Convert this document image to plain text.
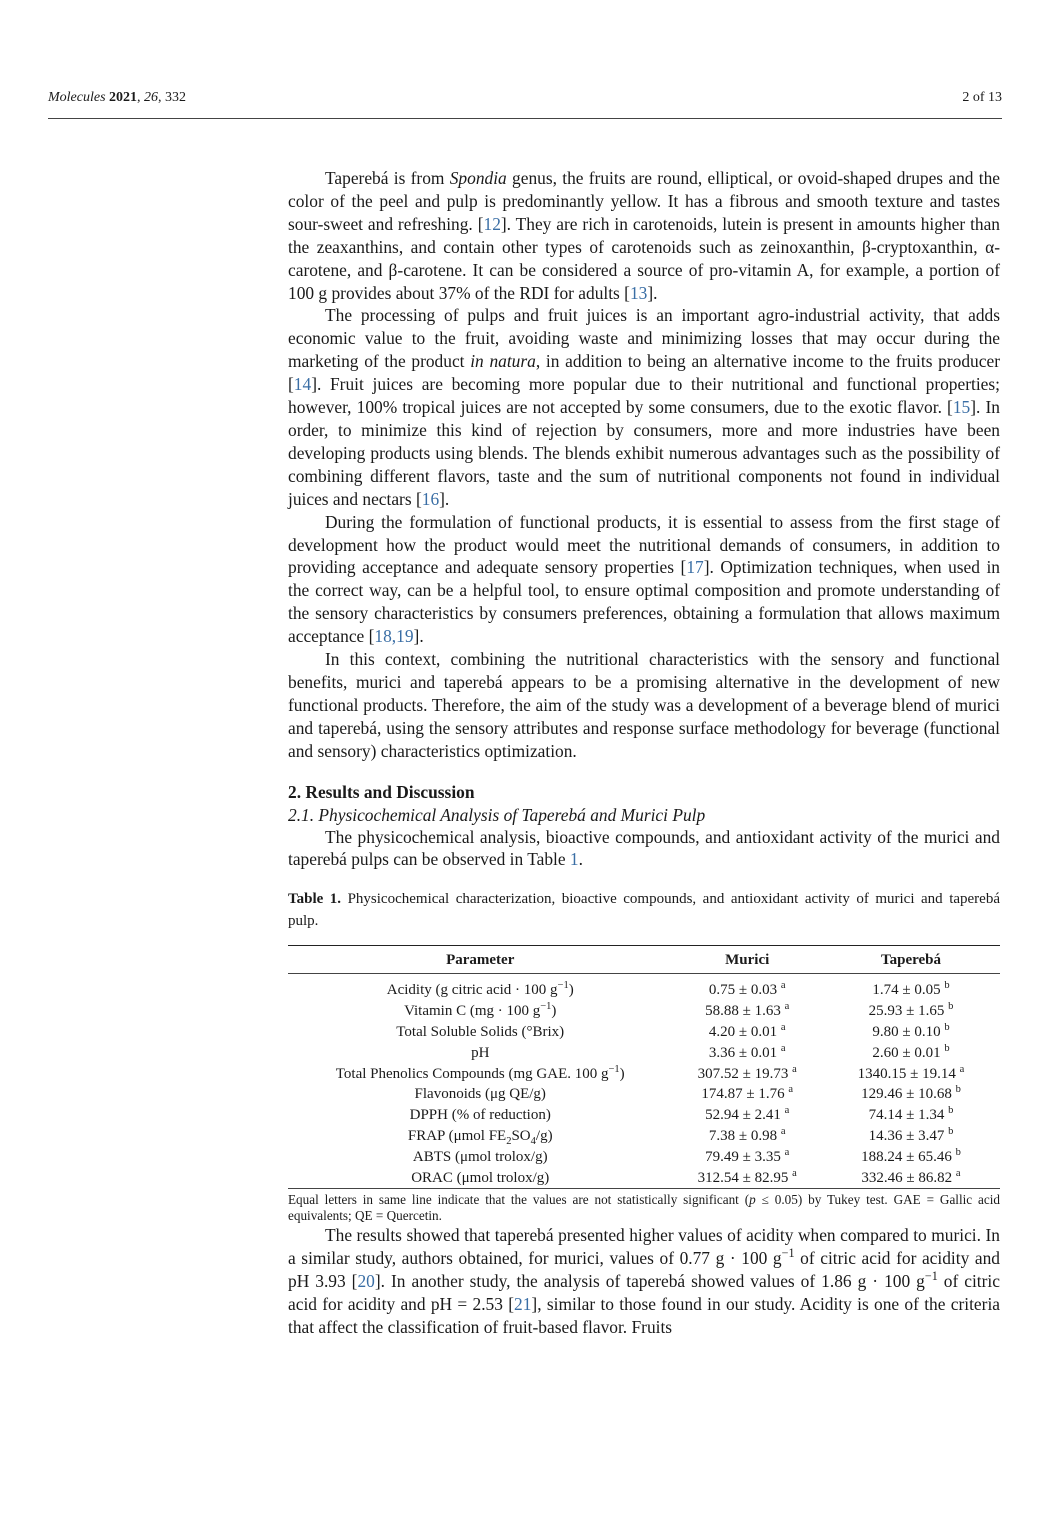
Molecules 2021, 26, 332	2 of 13

Taperebá is from Spondia genus, the fruits are round, elliptical, or ovoid-shaped drupes and the color of the peel and pulp is predominantly yellow. It has a fibrous and smooth texture and tastes sour-sweet and refreshing. [12]. They are rich in carotenoids, lutein is present in amounts higher than the zeaxanthins, and contain other types of carotenoids such as zeinoxanthin, β-cryptoxanthin, α-carotene, and β-carotene. It can be considered a source of pro-vitamin A, for example, a portion of 100 g provides about 37% of the RDI for adults [13].

The processing of pulps and fruit juices is an important agro-industrial activity, that adds economic value to the fruit, avoiding waste and minimizing losses that may occur during the marketing of the product in natura, in addition to being an alternative income to the fruits producer [14]. Fruit juices are becoming more popular due to their nutritional and functional properties; however, 100% tropical juices are not accepted by some consumers, due to the exotic flavor. [15]. In order, to minimize this kind of rejection by consumers, more and more industries have been developing products using blends. The blends exhibit numerous advantages such as the possibility of combining different flavors, taste and the sum of nutritional components not found in individual juices and nectars [16].

During the formulation of functional products, it is essential to assess from the first stage of development how the product would meet the nutritional demands of consumers, in addition to providing acceptance and adequate sensory properties [17]. Optimization techniques, when used in the correct way, can be a helpful tool, to ensure optimal composition and promote understanding of the sensory characteristics by consumers preferences, obtaining a formulation that allows maximum acceptance [18,19].

In this context, combining the nutritional characteristics with the sensory and functional benefits, murici and taperebá appears to be a promising alternative in the development of new functional products. Therefore, the aim of the study was a development of a beverage blend of murici and taperebá, using the sensory attributes and response surface methodology for beverage (functional and sensory) characteristics optimization.

2. Results and Discussion
2.1. Physicochemical Analysis of Taperebá and Murici Pulp

The physicochemical analysis, bioactive compounds, and antioxidant activity of the murici and taperebá pulps can be observed in Table 1.

Table 1. Physicochemical characterization, bioactive compounds, and antioxidant activity of murici and taperebá pulp.
Parameter	Murici	Taperebá
Acidity (g citric acid · 100 $g^{-1}$)	0.75 ± 0.03 $^a$	1.74 ± 0.05 $^b$
Vitamin C (mg · 100 $g^{-1}$)	58.88 ± 1.63 $^a$	25.93 ± 1.65 $^b$
Total Soluble Solids (°Brix)	4.20 ± 0.01 $^a$	9.80 ± 0.10 $^b$
pH	3.36 ± 0.01 $^a$	2.60 ± 0.01 $^b$
Total Phenolics Compounds (mg GAE. 100 $g^{-1}$)	307.52 ± 19.73 $^a$	1340.15 ± 19.14 $^a$
Flavonoids (μg QE/g)	174.87 ± 1.76 $^a$	129.46 ± 10.68 $^b$
DPPH (% of reduction)	52.94 ± 2.41 $^a$	74.14 ± 1.34 $^b$
FRAP (μmol $FE_2SO_4/g$)	7.38 ± 0.98 $^a$	14.36 ± 3.47 $^b$
ABTS (μmol trolox/g)	79.49 ± 3.35 $^a$	188.24 ± 65.46 $^b$
ORAC (μmol trolox/g)	312.54 ± 82.95 $^a$	332.46 ± 86.82 $^a$
Equal letters in same line indicate that the values are not statistically significant (p ≤ 0.05) by Tukey test. GAE = Gallic acid equivalents; QE = Quercetin.

The results showed that taperebá presented higher values of acidity when compared to murici. In a similar study, authors obtained, for murici, values of 0.77 g · 100 $g^{-1}$ of citric acid for acidity and pH 3.93 [20]. In another study, the analysis of taperebá showed values of 1.86 g · 100 $g^{-1}$ of citric acid for acidity and pH = 2.53 [21], similar to those found in our study. Acidity is one of the criteria that affect the classification of fruit-based flavor. Fruits
